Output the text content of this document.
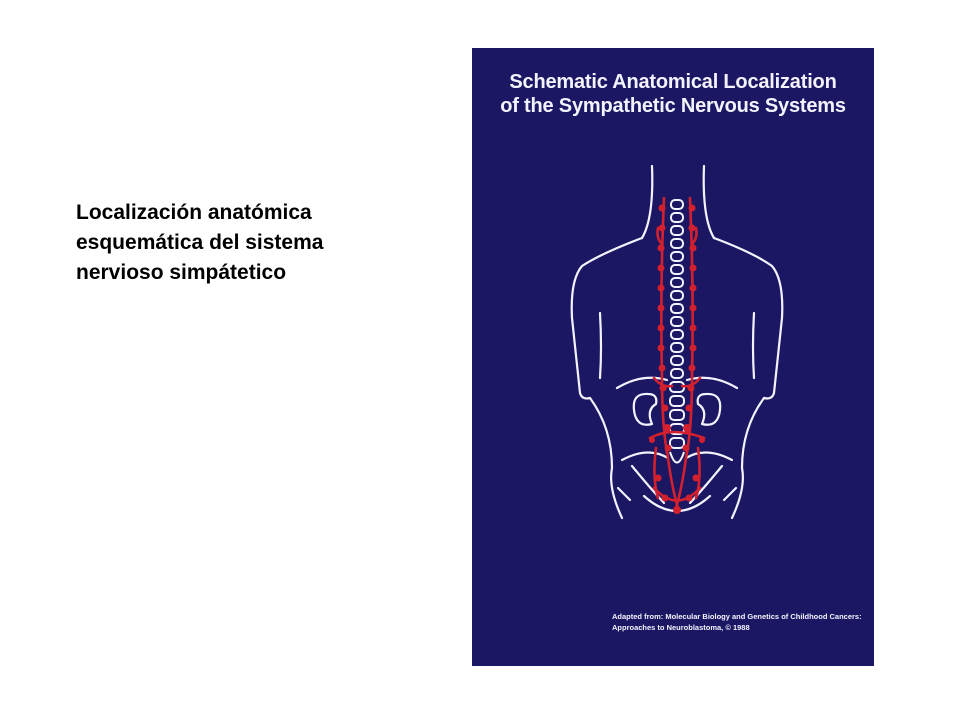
Localización anatómica
esquemática del sistema
nervioso simpátetico
Schematic Anatomical Localization
of the Sympathetic Nervous Systems
Adapted from: Molecular Biology and Genetics of Childhood Cancers:
Approaches to Neuroblastoma, © 1988
